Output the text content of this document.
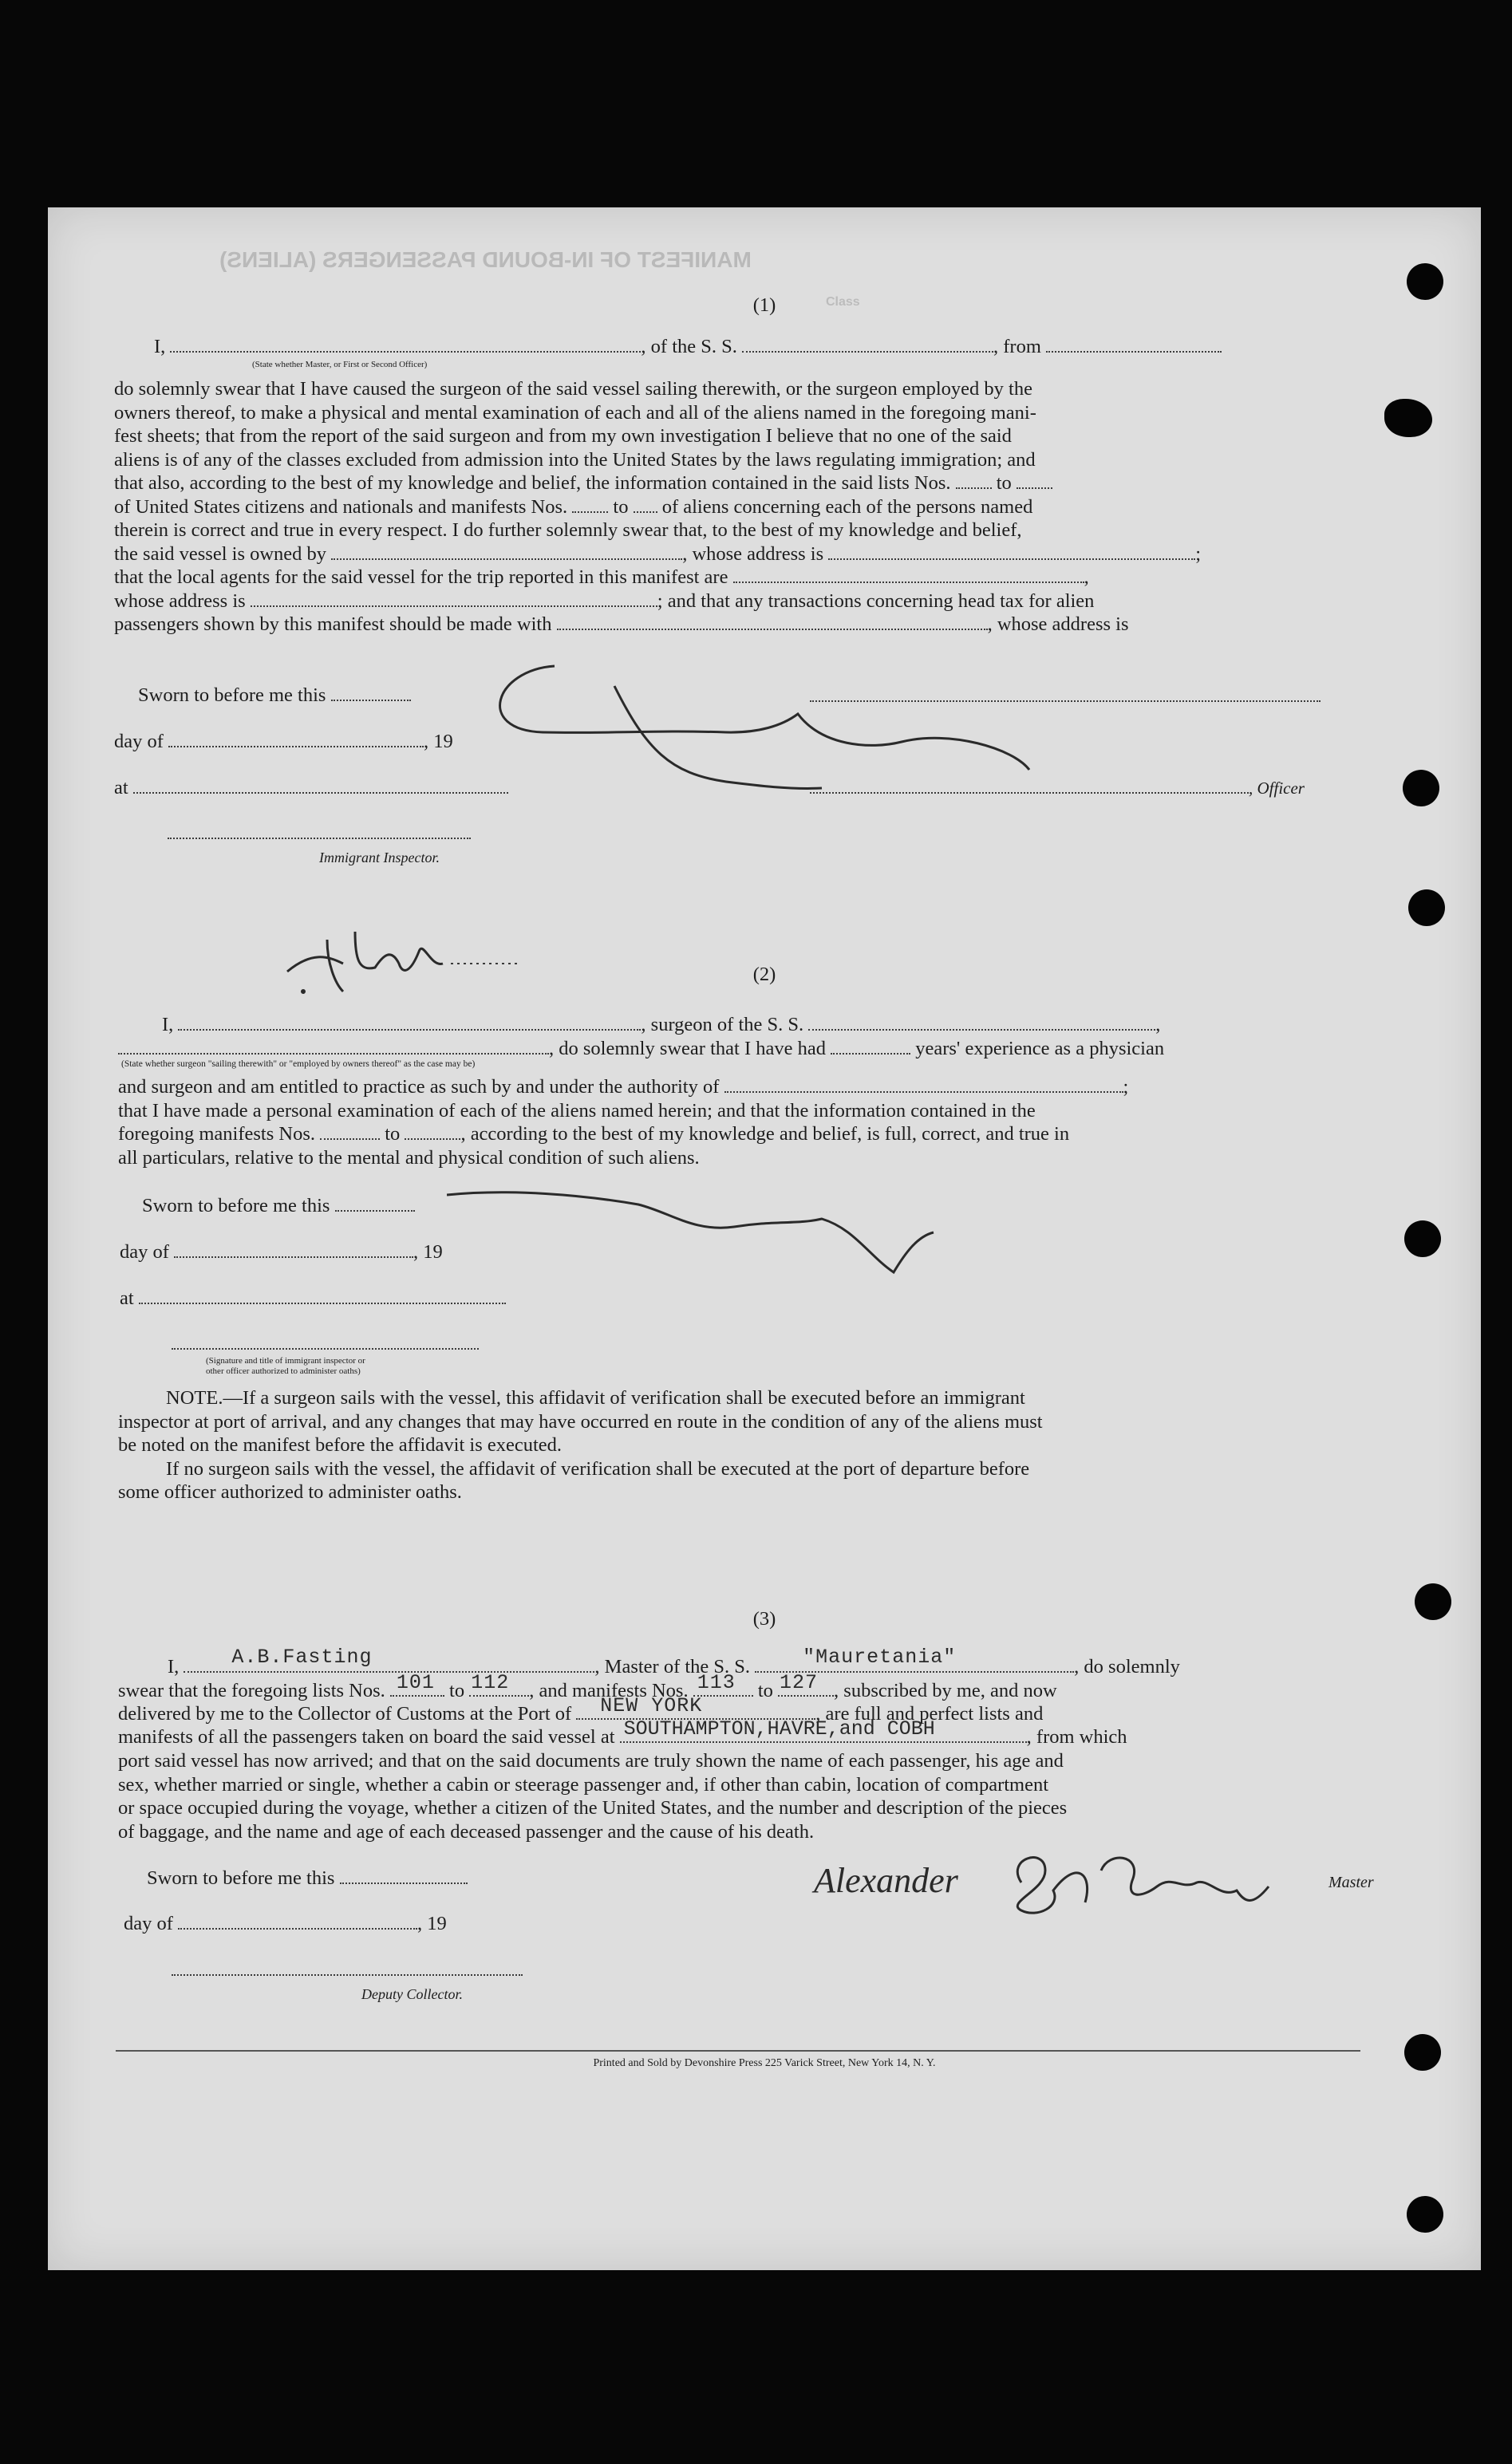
MANIFEST OF IN-BOUND PASSENGERS (ALIENS)
Class
(1)
I,	, of the S. S.	, from
(State whether Master, or First or Second Officer)
do solemnly swear that I have caused the surgeon of the said vessel sailing therewith, or the surgeon employed by the
owners thereof, to make a physical and mental examination of each and all of the aliens named in the foregoing mani-
fest sheets; that from the report of the said surgeon and from my own investigation I believe that no one of the said
aliens is of any of the classes excluded from admission into the United States by the laws regulating immigration; and
that also, according to the best of my knowledge and belief, the information contained in the said lists Nos. to
of United States citizens and nationals and manifests Nos. to of aliens concerning each of the persons named
therein is correct and true in every respect. I do further solemnly swear that, to the best of my knowledge and belief,
the said vessel is owned by	, whose address is	;
that the local agents for the said vessel for the trip reported in this manifest are	,
whose address is	; and that any transactions concerning head tax for alien
passengers shown by this manifest should be made with	, whose address is
Sworn to before me this
day of	, 19
at	, Officer
Immigrant Inspector.
(2)
I,	, surgeon of the S. S.	,
, do solemnly swear that I have had	years' experience as a physician
(State whether surgeon "sailing therewith" or "employed by owners thereof" as the case may be)
and surgeon and am entitled to practice as such by and under the authority of	;
that I have made a personal examination of each of the aliens named herein; and that the information contained in the
foregoing manifests Nos.	to	, according to the best of my knowledge and belief, is full, correct, and true in
all particulars, relative to the mental and physical condition of such aliens.
Sworn to before me this
day of	, 19
at
(Signature and title of immigrant inspector or
other officer authorized to administer oaths)
NOTE.—If a surgeon sails with the vessel, this affidavit of verification shall be executed before an immigrant
inspector at port of arrival, and any changes that may have occurred en route in the condition of any of the aliens must
be noted on the manifest before the affidavit is executed.
If no surgeon sails with the vessel, the affidavit of verification shall be executed at the port of departure before
some officer authorized to administer oaths.
(3)
I,	A.B.Fasting	, Master of the S. S.	"Mauretania"	, do solemnly
swear that the foregoing lists Nos. 101 to 112 , and manifests Nos. 113 to 127 , subscribed by me, and now
delivered by me to the Collector of Customs at the Port of NEW YORK	, are full and perfect lists and
manifests of all the passengers taken on board the said vessel at SOUTHAMPTON,HAVRE,and COBH	, from which
port said vessel has now arrived; and that on the said documents are truly shown the name of each passenger, his age and
sex, whether married or single, whether a cabin or steerage passenger and, if other than cabin, location of compartment
or space occupied during the voyage, whether a citizen of the United States, and the number and description of the pieces
of baggage, and the name and age of each deceased passenger and the cause of his death.
Sworn to before me this
day of	, 19
Deputy Collector.
Alexander	Master
Printed and Sold by Devonshire Press 225 Varick Street, New York 14, N. Y.
